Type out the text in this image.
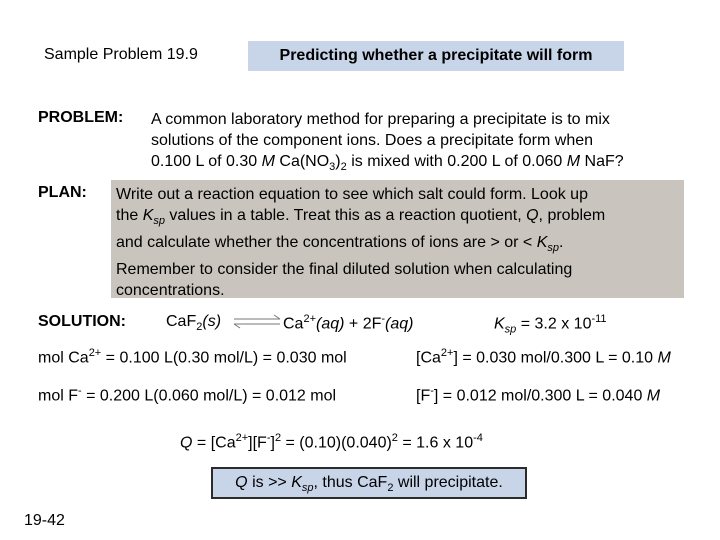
Sample Problem 19.9	Predicting whether a precipitate will form
PROBLEM: A common laboratory method for preparing a precipitate is to mix
solutions of the component ions. Does a precipitate form when
0.100 L of 0.30 M $Ca(NO_3)_2$ is mixed with 0.200 L of 0.060 M NaF?
PLAN: Write out a reaction equation to see which salt could form. Look up
the $K_{sp}$ values in a table. Treat this as a reaction quotient, Q, problem
and calculate whether the concentrations of ions are > or < $K_{sp}$.
Remember to consider the final diluted solution when calculating
concentrations.
SOLUTION:	CaF$_2$(s) ⇌ $Ca^{2+}(aq) + 2F^-(aq)$	$K_{sp} = 3.2$ x $10^{-11}$
mol $Ca^{2+} = 0.100$ L(0.30 mol/L) = 0.030 mol	$[Ca^{2+}] = 0.030$ mol/0.300 L = 0.10 M
mol F- = 0.200 L(0.060 mol/L) = 0.012 mol	[F-] = 0.012 mol/0.300 L = 0.040 M
$Q = [Ca^{2+}][F^-]^2 = (0.10)(0.040)^2 = 1.6$ x $10^{-4}$
Q is >> $K_{sp}$, thus CaF$_2$ will precipitate.
19-42
